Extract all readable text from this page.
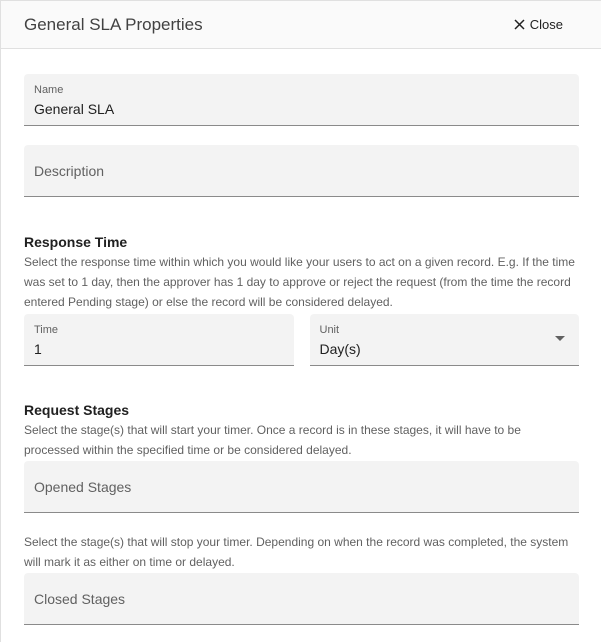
General SLA Properties	Close
Name
General SLA
Description
Response Time
Select the response time within which you would like your users to act on a given record. E.g. If the time was set to 1 day, then the approver has 1 day to approve or reject the request (from the time the record entered Pending stage) or else the record will be considered delayed.
Time
1
Unit
Day(s)
Request Stages
Select the stage(s) that will start your timer. Once a record is in these stages, it will have to be processed within the specified time or be considered delayed.
Opened Stages
Select the stage(s) that will stop your timer. Depending on when the record was completed, the system will mark it as either on time or delayed.
Closed Stages
